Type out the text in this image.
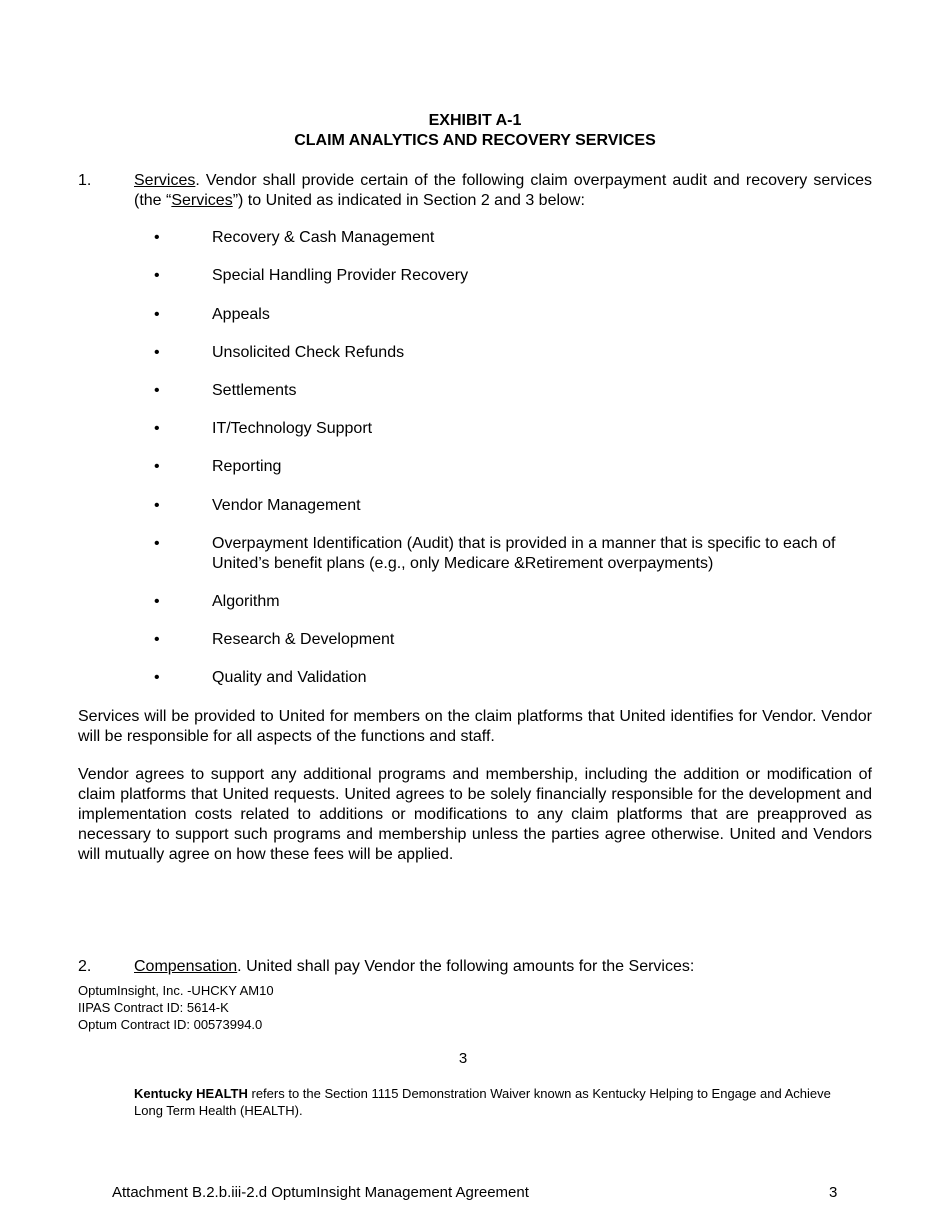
EXHIBIT A-1
CLAIM ANALYTICS AND RECOVERY SERVICES
1.	Services. Vendor shall provide certain of the following claim overpayment audit and recovery services (the “Services”) to United as indicated in Section 2 and 3 below:
•	Recovery & Cash Management
•	Special Handling Provider Recovery
•	Appeals
•	Unsolicited Check Refunds
•	Settlements
•	IT/Technology Support
•	Reporting
•	Vendor Management
•	Overpayment Identification (Audit) that is provided in a manner that is specific to each of United’s benefit plans (e.g., only Medicare &Retirement overpayments)
•	Algorithm
•	Research & Development
•	Quality and Validation
Services will be provided to United for members on the claim platforms that United identifies for Vendor. Vendor will be responsible for all aspects of the functions and staff.
Vendor agrees to support any additional programs and membership, including the addition or modification of claim platforms that United requests. United agrees to be solely financially responsible for the development and implementation costs related to additions or modifications to any claim platforms that are preapproved as necessary to support such programs and membership unless the parties agree otherwise. United and Vendors will mutually agree on how these fees will be applied.
2.	Compensation. United shall pay Vendor the following amounts for the Services:
OptumInsight, Inc. -UHCKY AM10
IIPAS Contract ID: 5614-K
Optum Contract ID: 00573994.0
3
Kentucky HEALTH refers to the Section 1115 Demonstration Waiver known as Kentucky Helping to Engage and Achieve Long Term Health (HEALTH).
Attachment B.2.b.iii-2.d OptumInsight Management Agreement	3
